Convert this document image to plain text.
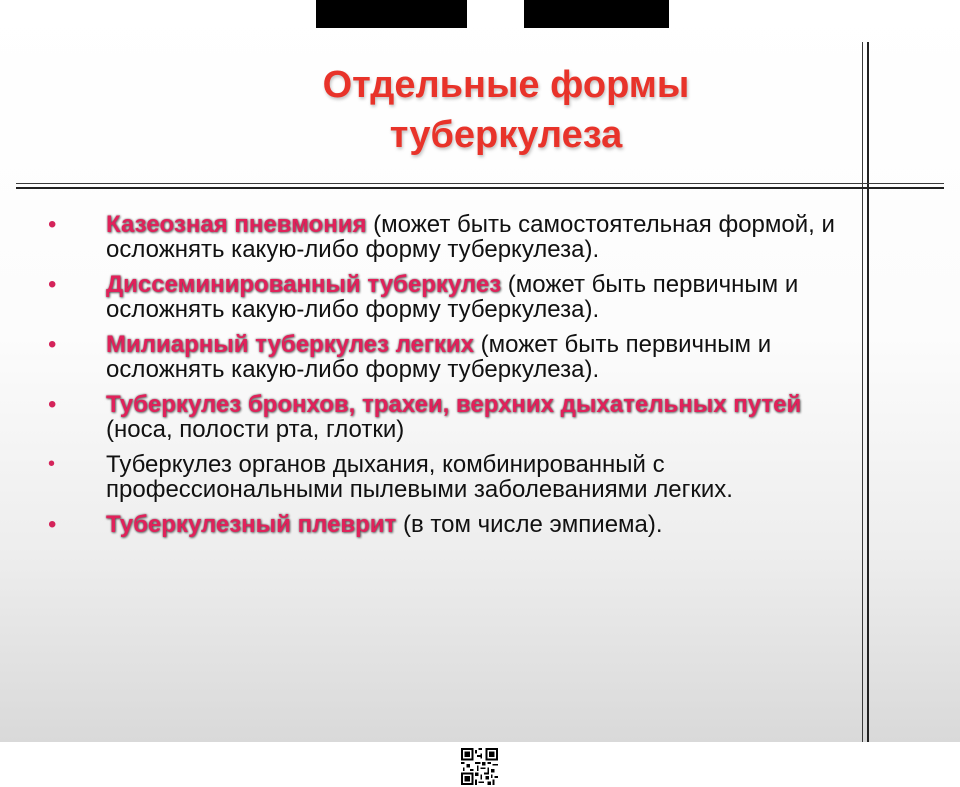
Отдельные формы
туберкулеза
•	Казеозная пневмония (может быть самостоятельная формой, и осложнять какую-либо форму туберкулеза).
•	Диссеминированный туберкулез (может быть первичным и осложнять какую-либо форму туберкулеза).
•	Милиарный туберкулез легких (может быть первичным и осложнять какую-либо форму туберкулеза).
•	Туберкулез бронхов, трахеи, верхних дыхательных путей (носа, полости рта, глотки)
•	Туберкулез органов дыхания, комбинированный с профессиональными пылевыми заболеваниями легких.
•	Туберкулезный плеврит (в том числе эмпиема).
